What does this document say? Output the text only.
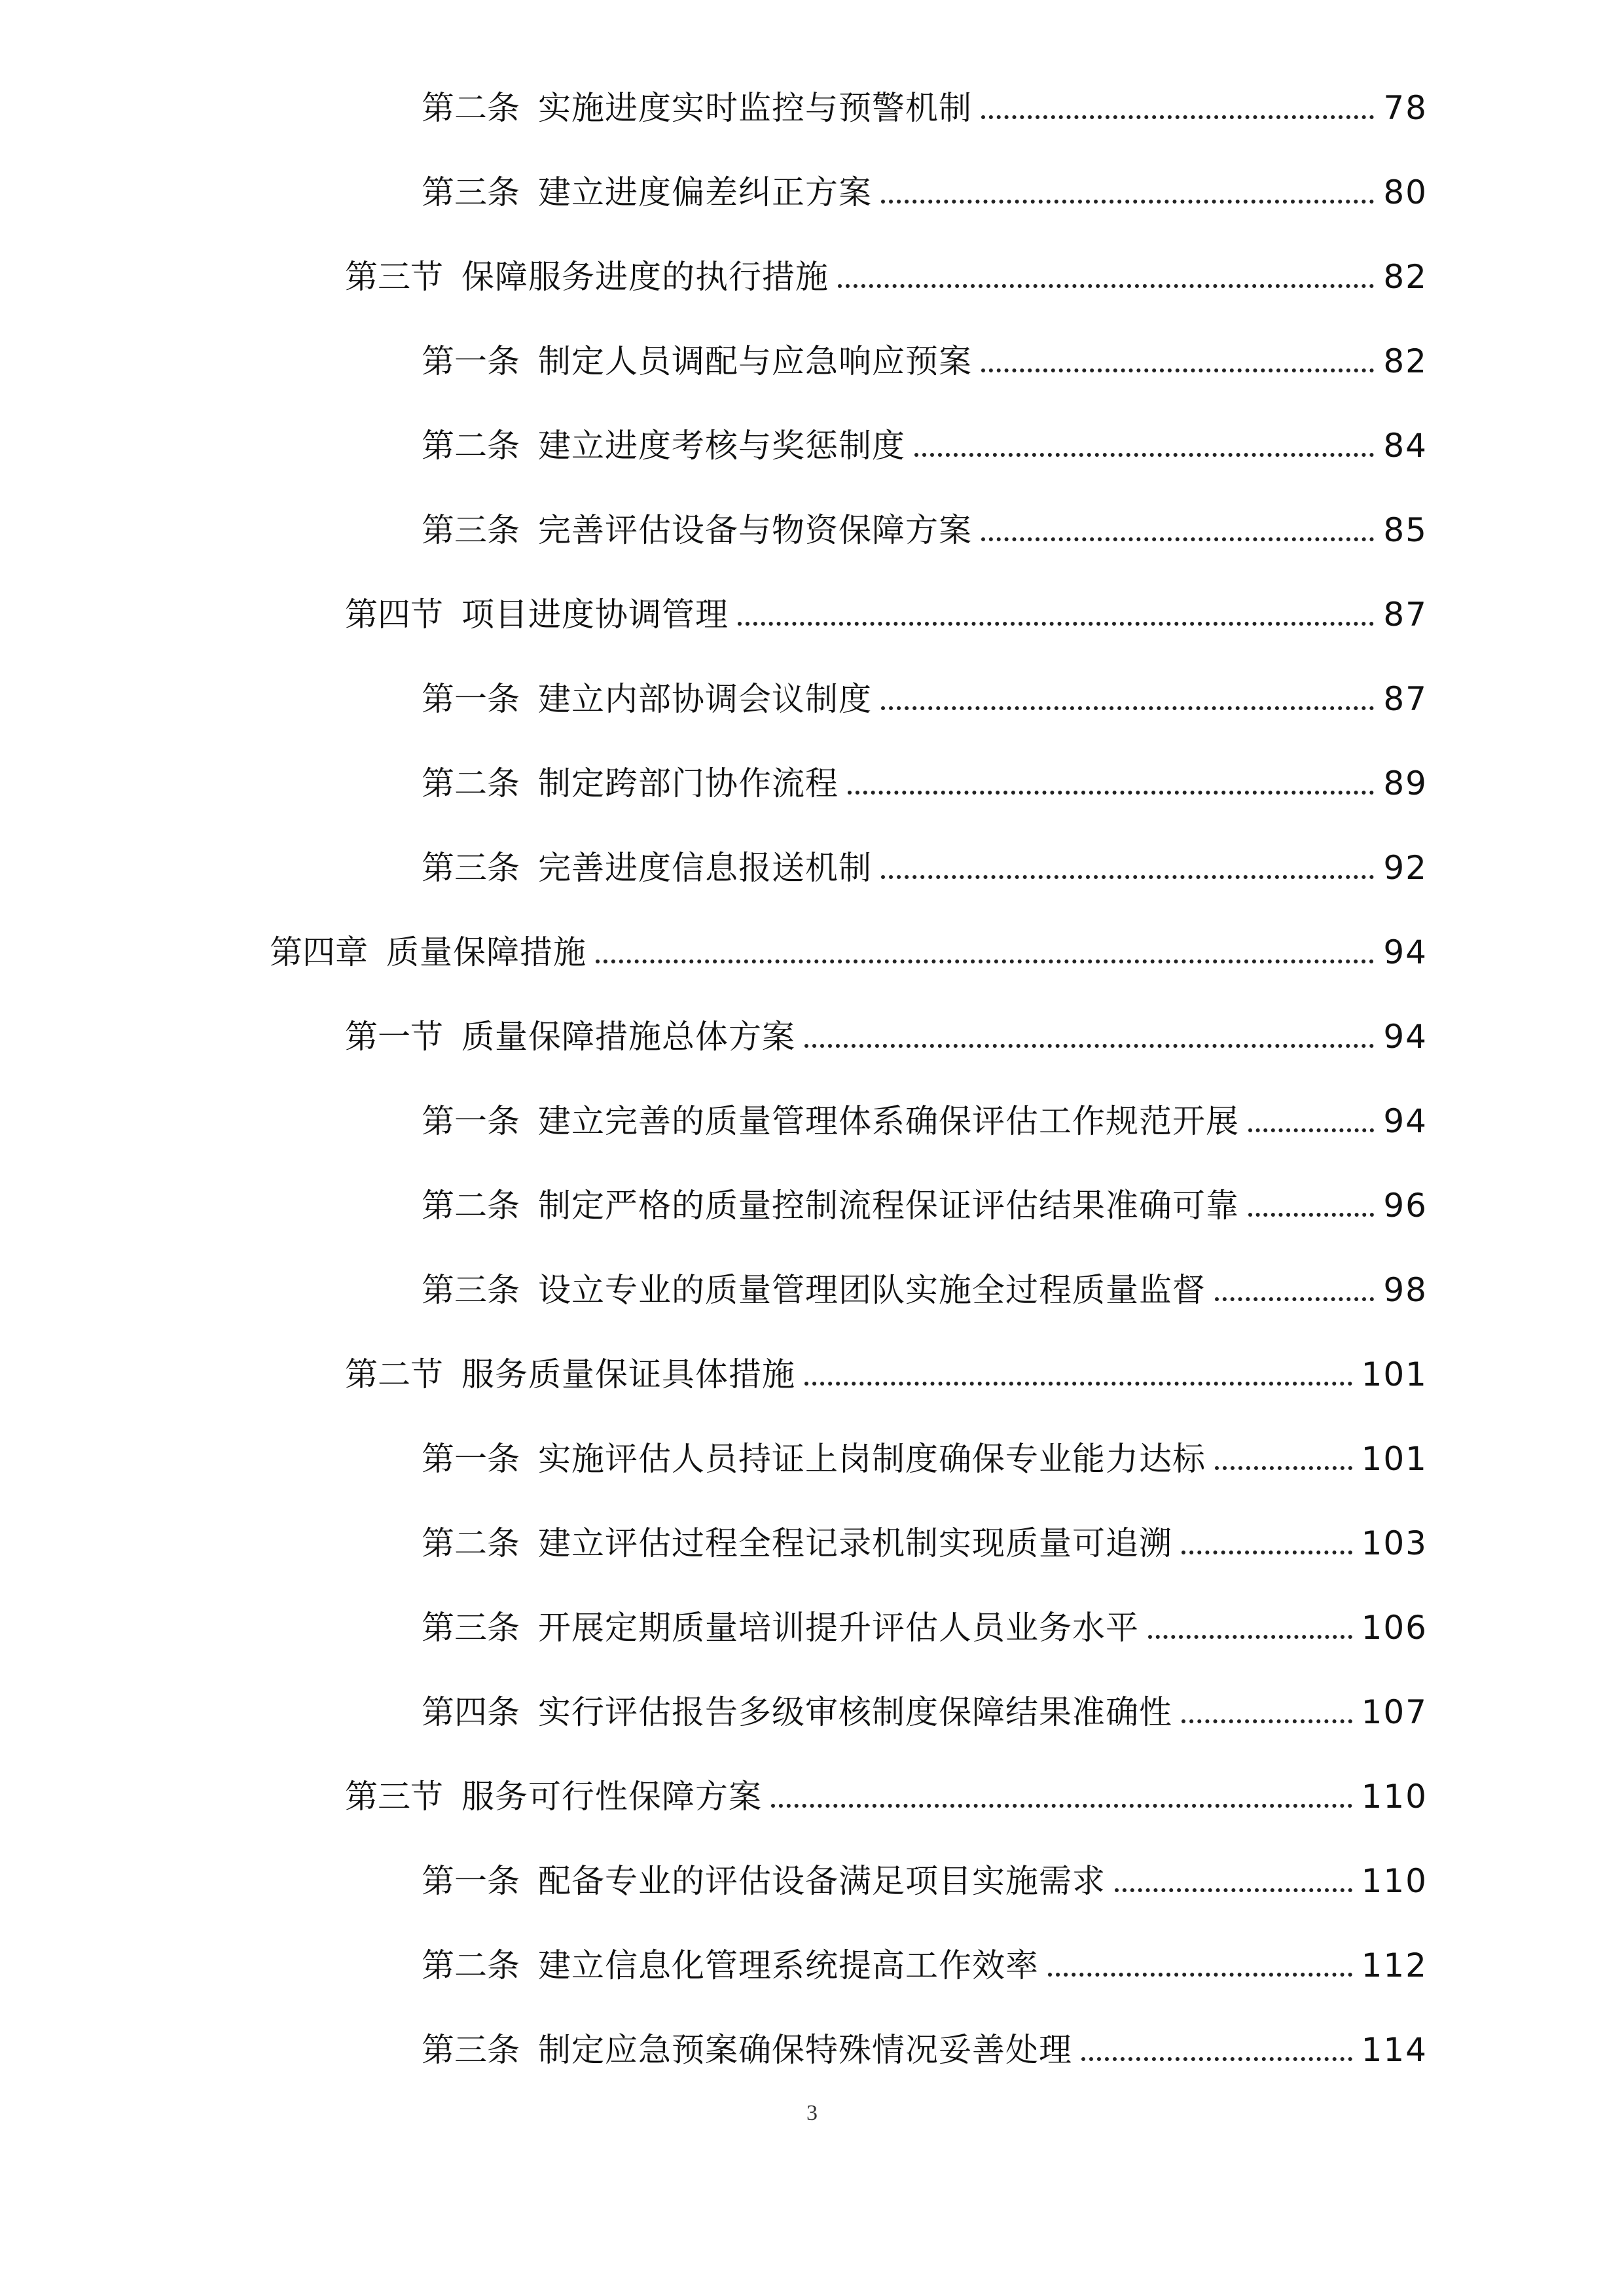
第二条 实施进度实时监控与预警机制	78
第三条 建立进度偏差纠正方案	80
第三节 保障服务进度的执行措施	82
第一条 制定人员调配与应急响应预案	82
第二条 建立进度考核与奖惩制度	84
第三条 完善评估设备与物资保障方案	85
第四节 项目进度协调管理	87
第一条 建立内部协调会议制度	87
第二条 制定跨部门协作流程	89
第三条 完善进度信息报送机制	92
第四章 质量保障措施	94
第一节 质量保障措施总体方案	94
第一条 建立完善的质量管理体系确保评估工作规范开展	94
第二条 制定严格的质量控制流程保证评估结果准确可靠	96
第三条 设立专业的质量管理团队实施全过程质量监督	98
第二节 服务质量保证具体措施	101
第一条 实施评估人员持证上岗制度确保专业能力达标	101
第二条 建立评估过程全程记录机制实现质量可追溯	103
第三条 开展定期质量培训提升评估人员业务水平	106
第四条 实行评估报告多级审核制度保障结果准确性	107
第三节 服务可行性保障方案	110
第一条 配备专业的评估设备满足项目实施需求	110
第二条 建立信息化管理系统提高工作效率	112
第三条 制定应急预案确保特殊情况妥善处理	114
3
